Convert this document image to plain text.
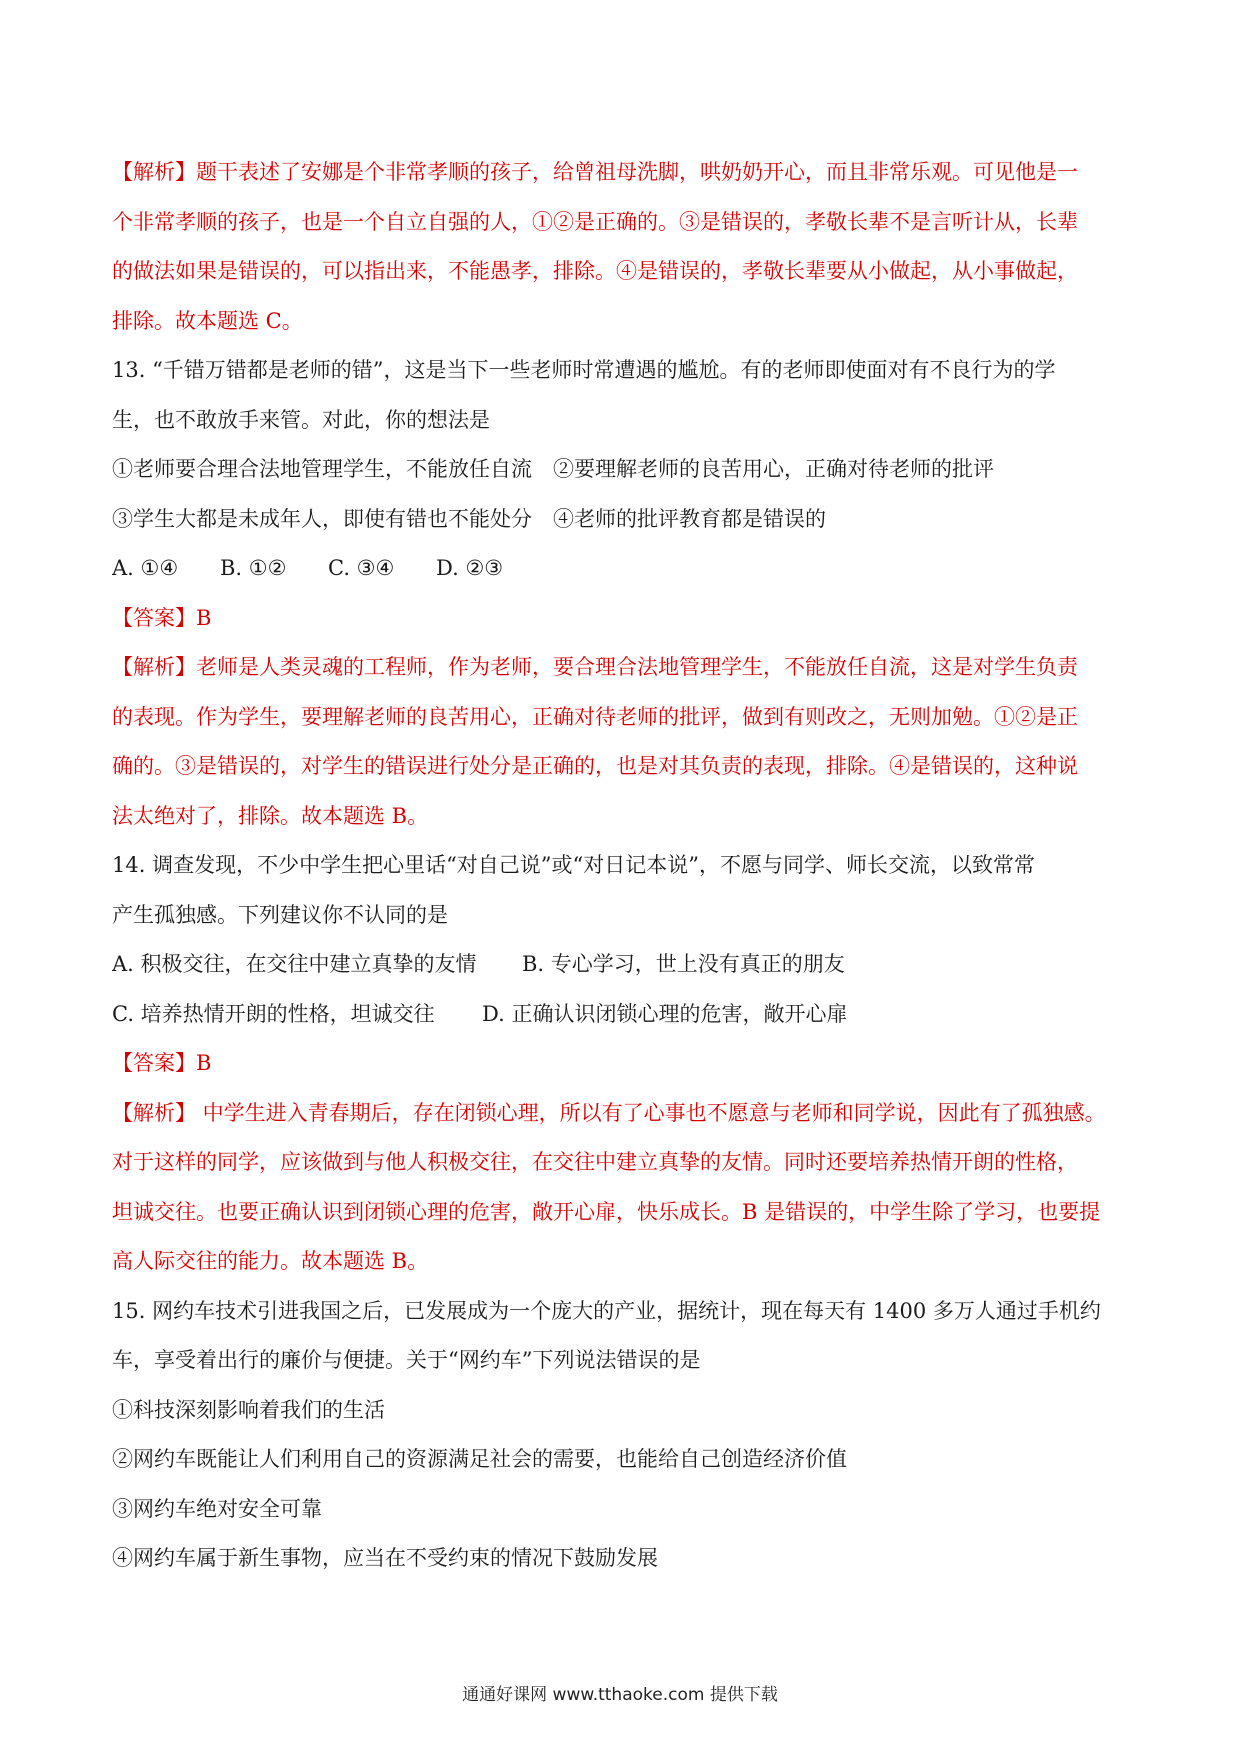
【解析】题干表述了安娜是个非常孝顺的孩子，给曾祖母洗脚，哄奶奶开心，而且非常乐观。可见他是一

个非常孝顺的孩子，也是一个自立自强的人，①②是正确的。③是错误的，孝敬长辈不是言听计从，长辈

的做法如果是错误的，可以指出来，不能愚孝，排除。④是错误的，孝敬长辈要从小做起，从小事做起，

排除。故本题选 C。

13. “千错万错都是老师的错”，这是当下一些老师时常遭遇的尴尬。有的老师即使面对有不良行为的学

生，也不敢放手来管。对此，你的想法是

①老师要合理合法地管理学生，不能放任自流　②要理解老师的良苦用心，正确对待老师的批评

③学生大都是未成年人，即使有错也不能处分　④老师的批评教育都是错误的

A. ①④ B. ①② C. ③④ D. ②③

【答案】B

【解析】老师是人类灵魂的工程师，作为老师，要合理合法地管理学生，不能放任自流，这是对学生负责

的表现。作为学生，要理解老师的良苦用心，正确对待老师的批评，做到有则改之，无则加勉。①②是正

确的。③是错误的，对学生的错误进行处分是正确的，也是对其负责的表现，排除。④是错误的，这种说

法太绝对了，排除。故本题选 B。

14. 调查发现，不少中学生把心里话“对自己说”或“对日记本说”，不愿与同学、师长交流，以致常常

产生孤独感。下列建议你不认同的是

A. 积极交往，在交往中建立真挚的友情 B. 专心学习，世上没有真正的朋友

C. 培养热情开朗的性格，坦诚交往 D. 正确认识闭锁心理的危害，敞开心扉

【答案】B

【解析】 中学生进入青春期后，存在闭锁心理，所以有了心事也不愿意与老师和同学说，因此有了孤独感。

对于这样的同学，应该做到与他人积极交往，在交往中建立真挚的友情。同时还要培养热情开朗的性格，

坦诚交往。也要正确认识到闭锁心理的危害，敞开心扉，快乐成长。B 是错误的，中学生除了学习，也要提

高人际交往的能力。故本题选 B。

15. 网约车技术引进我国之后，已发展成为一个庞大的产业，据统计，现在每天有 1400 多万人通过手机约

车，享受着出行的廉价与便捷。关于“网约车”下列说法错误的是

①科技深刻影响着我们的生活

②网约车既能让人们利用自己的资源满足社会的需要，也能给自己创造经济价值

③网约车绝对安全可靠

④网约车属于新生事物，应当在不受约束的情况下鼓励发展

通通好课网 www.tthaoke.com 提供下载
